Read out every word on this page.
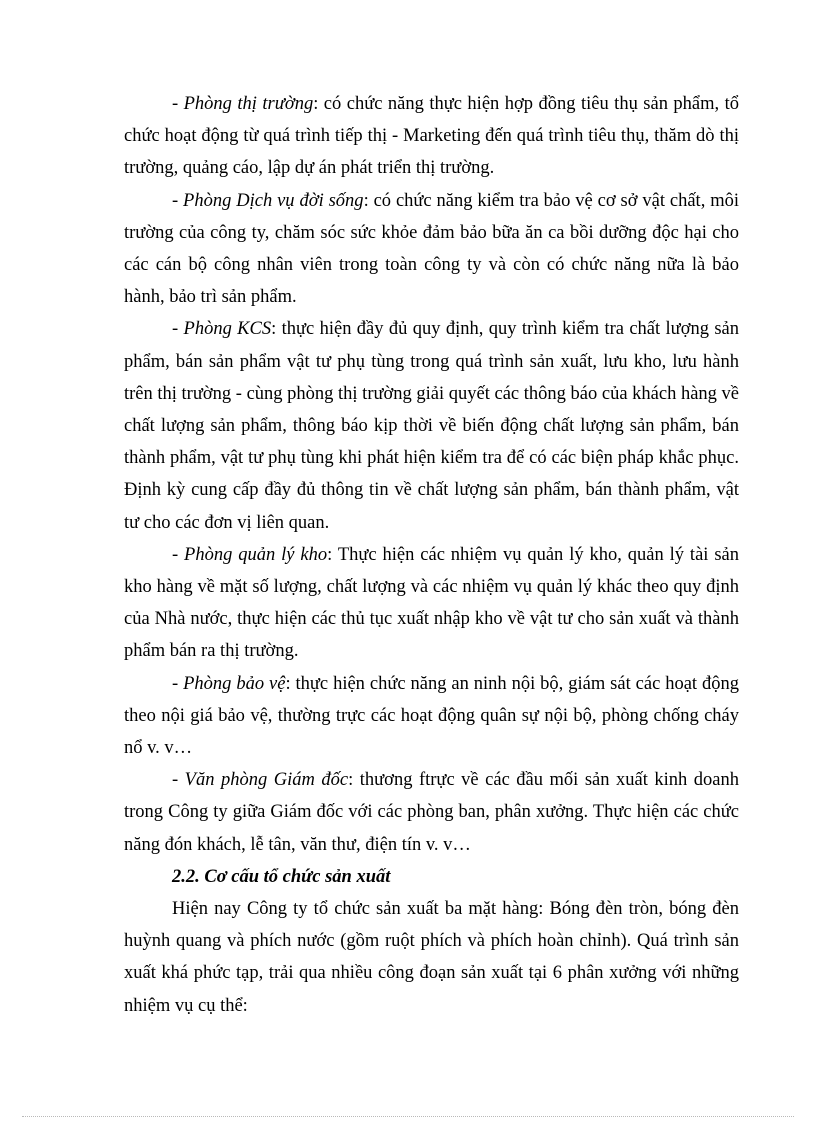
- Phòng thị trường: có chức năng thực hiện hợp đồng tiêu thụ sản phẩm, tổ chức hoạt động từ quá trình tiếp thị - Marketing đến quá trình tiêu thụ, thăm dò thị trường, quảng cáo, lập dự án phát triển thị trường.

- Phòng Dịch vụ đời sống: có chức năng kiểm tra bảo vệ cơ sở vật chất, môi trường của công ty, chăm sóc sức khỏe đảm bảo bữa ăn ca bồi dưỡng độc hại cho các cán bộ công nhân viên trong toàn công ty và còn có chức năng nữa là bảo hành, bảo trì sản phẩm.

- Phòng KCS: thực hiện đầy đủ quy định, quy trình kiểm tra chất lượng sản phẩm, bán sản phẩm vật tư phụ tùng trong quá trình sản xuất, lưu kho, lưu hành trên thị trường - cùng phòng thị trường giải quyết các thông báo của khách hàng về chất lượng sản phẩm, thông báo kịp thời về biến động chất lượng sản phẩm, bán thành phẩm, vật tư phụ tùng khi phát hiện kiểm tra để có các biện pháp khắc phục. Định kỳ cung cấp đầy đủ thông tin về chất lượng sản phẩm, bán thành phẩm, vật tư cho các đơn vị liên quan.

- Phòng quản lý kho: Thực hiện các nhiệm vụ quản lý kho, quản lý tài sản kho hàng về mặt số lượng, chất lượng và các nhiệm vụ quản lý khác theo quy định của Nhà nước, thực hiện các thủ tục xuất nhập kho về vật tư cho sản xuất và thành phẩm bán ra thị trường.

- Phòng bảo vệ: thực hiện chức năng an ninh nội bộ, giám sát các hoạt động theo nội giá bảo vệ, thường trực các hoạt động quân sự nội bộ, phòng chống cháy nổ v. v…

- Văn phòng Giám đốc: thương ftrực về các đầu mối sản xuất kinh doanh trong Công ty giữa Giám đốc với các phòng ban, phân xưởng. Thực hiện các chức năng đón khách, lễ tân, văn thư, điện tín v. v…

2.2. Cơ cấu tổ chức sản xuất

Hiện nay Công ty tổ chức sản xuất ba mặt hàng: Bóng đèn tròn, bóng đèn huỳnh quang và phích nước (gồm ruột phích và phích hoàn chỉnh). Quá trình sản xuất khá phức tạp, trải qua nhiều công đoạn sản xuất tại 6 phân xưởng với những nhiệm vụ cụ thể:
